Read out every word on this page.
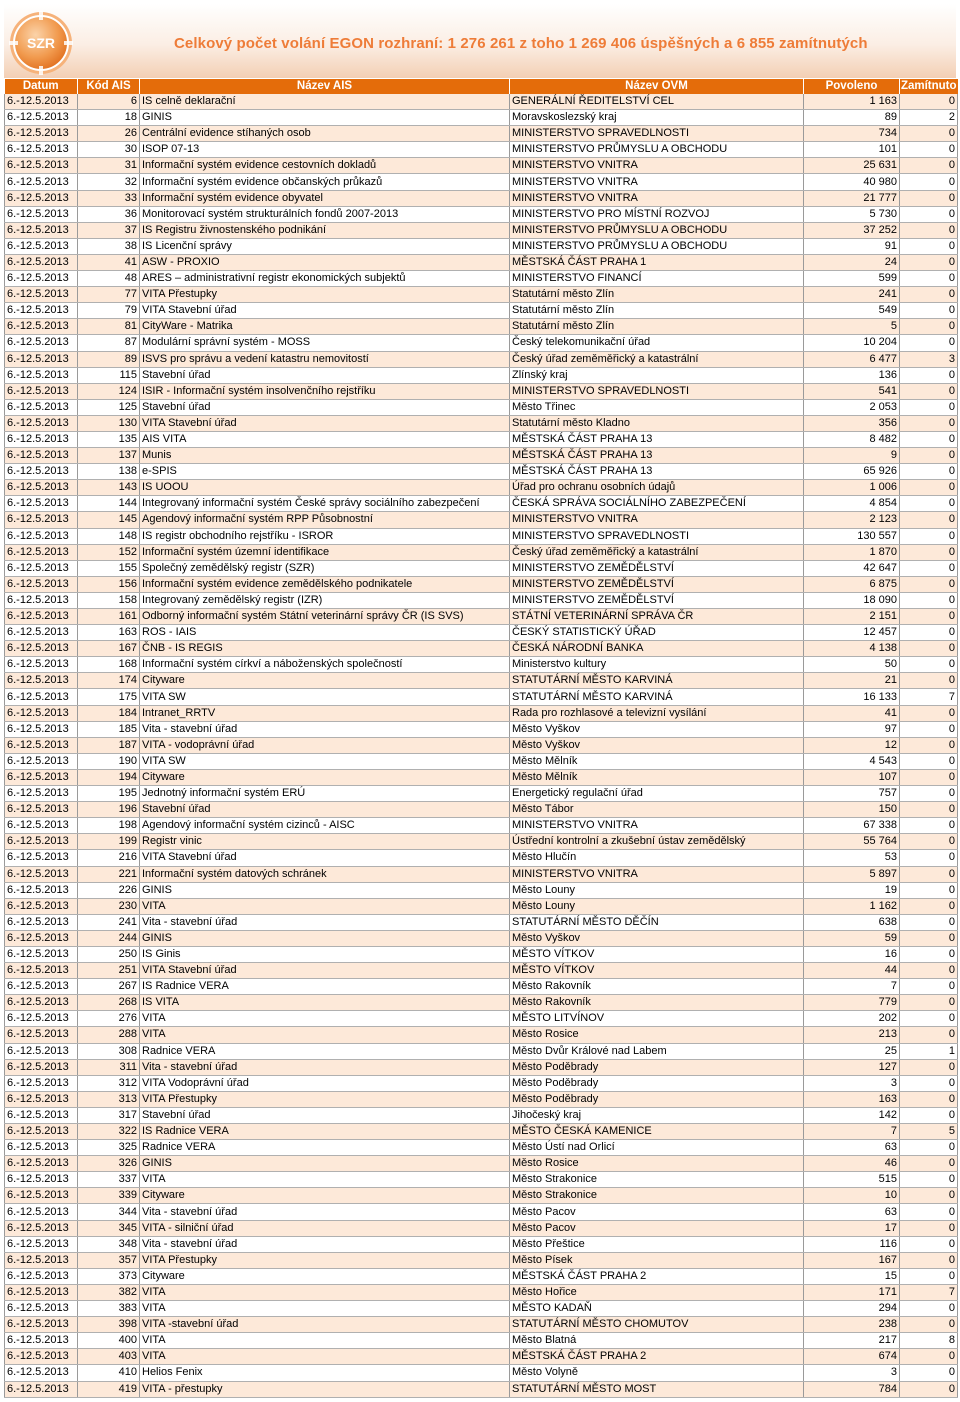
SZR	Celkový počet volání EGON rozhraní: 1 276 261 z toho 1 269 406 úspěšných a 6 855 zamítnutých
Datum	Kód AIS	Název AIS	Název OVM	Povoleno	Zamítnuto
6.-12.5.2013	6	IS celně deklarační	GENERÁLNÍ ŘEDITELSTVÍ CEL	1 163	0
6.-12.5.2013	18	GINIS	Moravskoslezský kraj	89	2
6.-12.5.2013	26	Centrální evidence stíhaných osob	MINISTERSTVO SPRAVEDLNOSTI	734	0
6.-12.5.2013	30	ISOP 07-13	MINISTERSTVO PRŮMYSLU A OBCHODU	101	0
6.-12.5.2013	31	Informační systém evidence cestovních dokladů	MINISTERSTVO VNITRA	25 631	0
6.-12.5.2013	32	Informační systém evidence občanských průkazů	MINISTERSTVO VNITRA	40 980	0
6.-12.5.2013	33	Informační systém evidence obyvatel	MINISTERSTVO VNITRA	21 777	0
6.-12.5.2013	36	Monitorovací systém strukturálních fondů 2007-2013	MINISTERSTVO PRO MÍSTNÍ ROZVOJ	5 730	0
6.-12.5.2013	37	IS Registru živnostenského podnikání	MINISTERSTVO PRŮMYSLU A OBCHODU	37 252	0
6.-12.5.2013	38	IS Licenční správy	MINISTERSTVO PRŮMYSLU A OBCHODU	91	0
6.-12.5.2013	41	ASW - PROXIO	MĚSTSKÁ ČÁST PRAHA 1	24	0
6.-12.5.2013	48	ARES – administrativní registr ekonomických subjektů	MINISTERSTVO FINANCÍ	599	0
6.-12.5.2013	77	VITA Přestupky	Statutární město Zlín	241	0
6.-12.5.2013	79	VITA Stavební úřad	Statutární město Zlín	549	0
6.-12.5.2013	81	CityWare - Matrika	Statutární město Zlín	5	0
6.-12.5.2013	87	Modulární správní systém - MOSS	Český telekomunikační úřad	10 204	0
6.-12.5.2013	89	ISVS pro správu a vedení katastru nemovitostí	Český úřad zeměměřický a katastrální	6 477	3
6.-12.5.2013	115	Stavební úřad	Zlínský kraj	136	0
6.-12.5.2013	124	ISIR - Informační systém insolvenčního rejstříku	MINISTERSTVO SPRAVEDLNOSTI	541	0
6.-12.5.2013	125	Stavební úřad	Město Třinec	2 053	0
6.-12.5.2013	130	VITA Stavební úřad	Statutární město Kladno	356	0
6.-12.5.2013	135	AIS VITA	MĚSTSKÁ ČÁST PRAHA 13	8 482	0
6.-12.5.2013	137	Munis	MĚSTSKÁ ČÁST PRAHA 13	9	0
6.-12.5.2013	138	e-SPIS	MĚSTSKÁ ČÁST PRAHA 13	65 926	0
6.-12.5.2013	143	IS UOOU	Úřad pro ochranu osobních údajů	1 006	0
6.-12.5.2013	144	Integrovaný informační systém České správy sociálního zabezpečení	ČESKÁ SPRÁVA SOCIÁLNÍHO ZABEZPEČENÍ	4 854	0
6.-12.5.2013	145	Agendový informační systém RPP Působnostní	MINISTERSTVO VNITRA	2 123	0
6.-12.5.2013	148	IS registr obchodního rejstříku - ISROR	MINISTERSTVO SPRAVEDLNOSTI	130 557	0
6.-12.5.2013	152	Informační systém územní identifikace	Český úřad zeměměřický a katastrální	1 870	0
6.-12.5.2013	155	Společný zemědělský registr (SZR)	MINISTERSTVO ZEMĚDĚLSTVÍ	42 647	0
6.-12.5.2013	156	Informační systém evidence zemědělského podnikatele	MINISTERSTVO ZEMĚDĚLSTVÍ	6 875	0
6.-12.5.2013	158	Integrovaný zemědělský registr (IZR)	MINISTERSTVO ZEMĚDĚLSTVÍ	18 090	0
6.-12.5.2013	161	Odborný informační systém Státní veterinární správy ČR (IS SVS)	STÁTNÍ VETERINÁRNÍ SPRÁVA ČR	2 151	0
6.-12.5.2013	163	ROS - IAIS	ČESKÝ STATISTICKÝ ÚŘAD	12 457	0
6.-12.5.2013	167	ČNB - IS REGIS	ČESKÁ NÁRODNÍ BANKA	4 138	0
6.-12.5.2013	168	Informační systém církví a náboženských společností	Ministerstvo kultury	50	0
6.-12.5.2013	174	Cityware	STATUTÁRNÍ MĚSTO KARVINÁ	21	0
6.-12.5.2013	175	VITA SW	STATUTÁRNÍ MĚSTO KARVINÁ	16 133	7
6.-12.5.2013	184	Intranet_RRTV	Rada pro rozhlasové a televizní vysílání	41	0
6.-12.5.2013	185	Vita - stavební úřad	Město Vyškov	97	0
6.-12.5.2013	187	VITA - vodoprávní úřad	Město Vyškov	12	0
6.-12.5.2013	190	VITA SW	Město Mělník	4 543	0
6.-12.5.2013	194	Cityware	Město Mělník	107	0
6.-12.5.2013	195	Jednotný informační systém ERÚ	Energetický regulační úřad	757	0
6.-12.5.2013	196	Stavební úřad	Město Tábor	150	0
6.-12.5.2013	198	Agendový informační systém cizinců - AISC	MINISTERSTVO VNITRA	67 338	0
6.-12.5.2013	199	Registr vinic	Ústřední kontrolní a zkušební ústav zemědělský	55 764	0
6.-12.5.2013	216	VITA Stavební úřad	Město Hlučín	53	0
6.-12.5.2013	221	Informační systém datových schránek	MINISTERSTVO VNITRA	5 897	0
6.-12.5.2013	226	GINIS	Město Louny	19	0
6.-12.5.2013	230	VITA	Město Louny	1 162	0
6.-12.5.2013	241	Vita - stavební úřad	STATUTÁRNÍ MĚSTO DĚČÍN	638	0
6.-12.5.2013	244	GINIS	Město Vyškov	59	0
6.-12.5.2013	250	IS Ginis	MĚSTO VÍTKOV	16	0
6.-12.5.2013	251	VITA Stavební úřad	MĚSTO VÍTKOV	44	0
6.-12.5.2013	267	IS Radnice VERA	Město Rakovník	7	0
6.-12.5.2013	268	IS VITA	Město Rakovník	779	0
6.-12.5.2013	276	VITA	MĚSTO LITVÍNOV	202	0
6.-12.5.2013	288	VITA	Město Rosice	213	0
6.-12.5.2013	308	Radnice VERA	Město Dvůr Králové nad Labem	25	1
6.-12.5.2013	311	Vita - stavební úřad	Město Poděbrady	127	0
6.-12.5.2013	312	VITA Vodoprávní úřad	Město Poděbrady	3	0
6.-12.5.2013	313	VITA Přestupky	Město Poděbrady	163	0
6.-12.5.2013	317	Stavební úřad	Jihočeský kraj	142	0
6.-12.5.2013	322	IS Radnice VERA	MĚSTO ČESKÁ KAMENICE	7	5
6.-12.5.2013	325	Radnice VERA	Město Ústí nad Orlicí	63	0
6.-12.5.2013	326	GINIS	Město Rosice	46	0
6.-12.5.2013	337	VITA	Město Strakonice	515	0
6.-12.5.2013	339	Cityware	Město Strakonice	10	0
6.-12.5.2013	344	Vita - stavební úřad	Město Pacov	63	0
6.-12.5.2013	345	VITA - silniční úřad	Město Pacov	17	0
6.-12.5.2013	348	Vita - stavební úřad	Město Přeštice	116	0
6.-12.5.2013	357	VITA Přestupky	Město Písek	167	0
6.-12.5.2013	373	Cityware	MĚSTSKÁ ČÁST PRAHA 2	15	0
6.-12.5.2013	382	VITA	Město Hořice	171	7
6.-12.5.2013	383	VITA	MĚSTO KADAŇ	294	0
6.-12.5.2013	398	VITA -stavební úřad	STATUTÁRNÍ MĚSTO CHOMUTOV	238	0
6.-12.5.2013	400	VITA	Město Blatná	217	8
6.-12.5.2013	403	VITA	MĚSTSKÁ ČÁST PRAHA 2	674	0
6.-12.5.2013	410	Helios Fenix	Město Volyně	3	0
6.-12.5.2013	419	VITA - přestupky	STATUTÁRNÍ MĚSTO MOST	784	0
